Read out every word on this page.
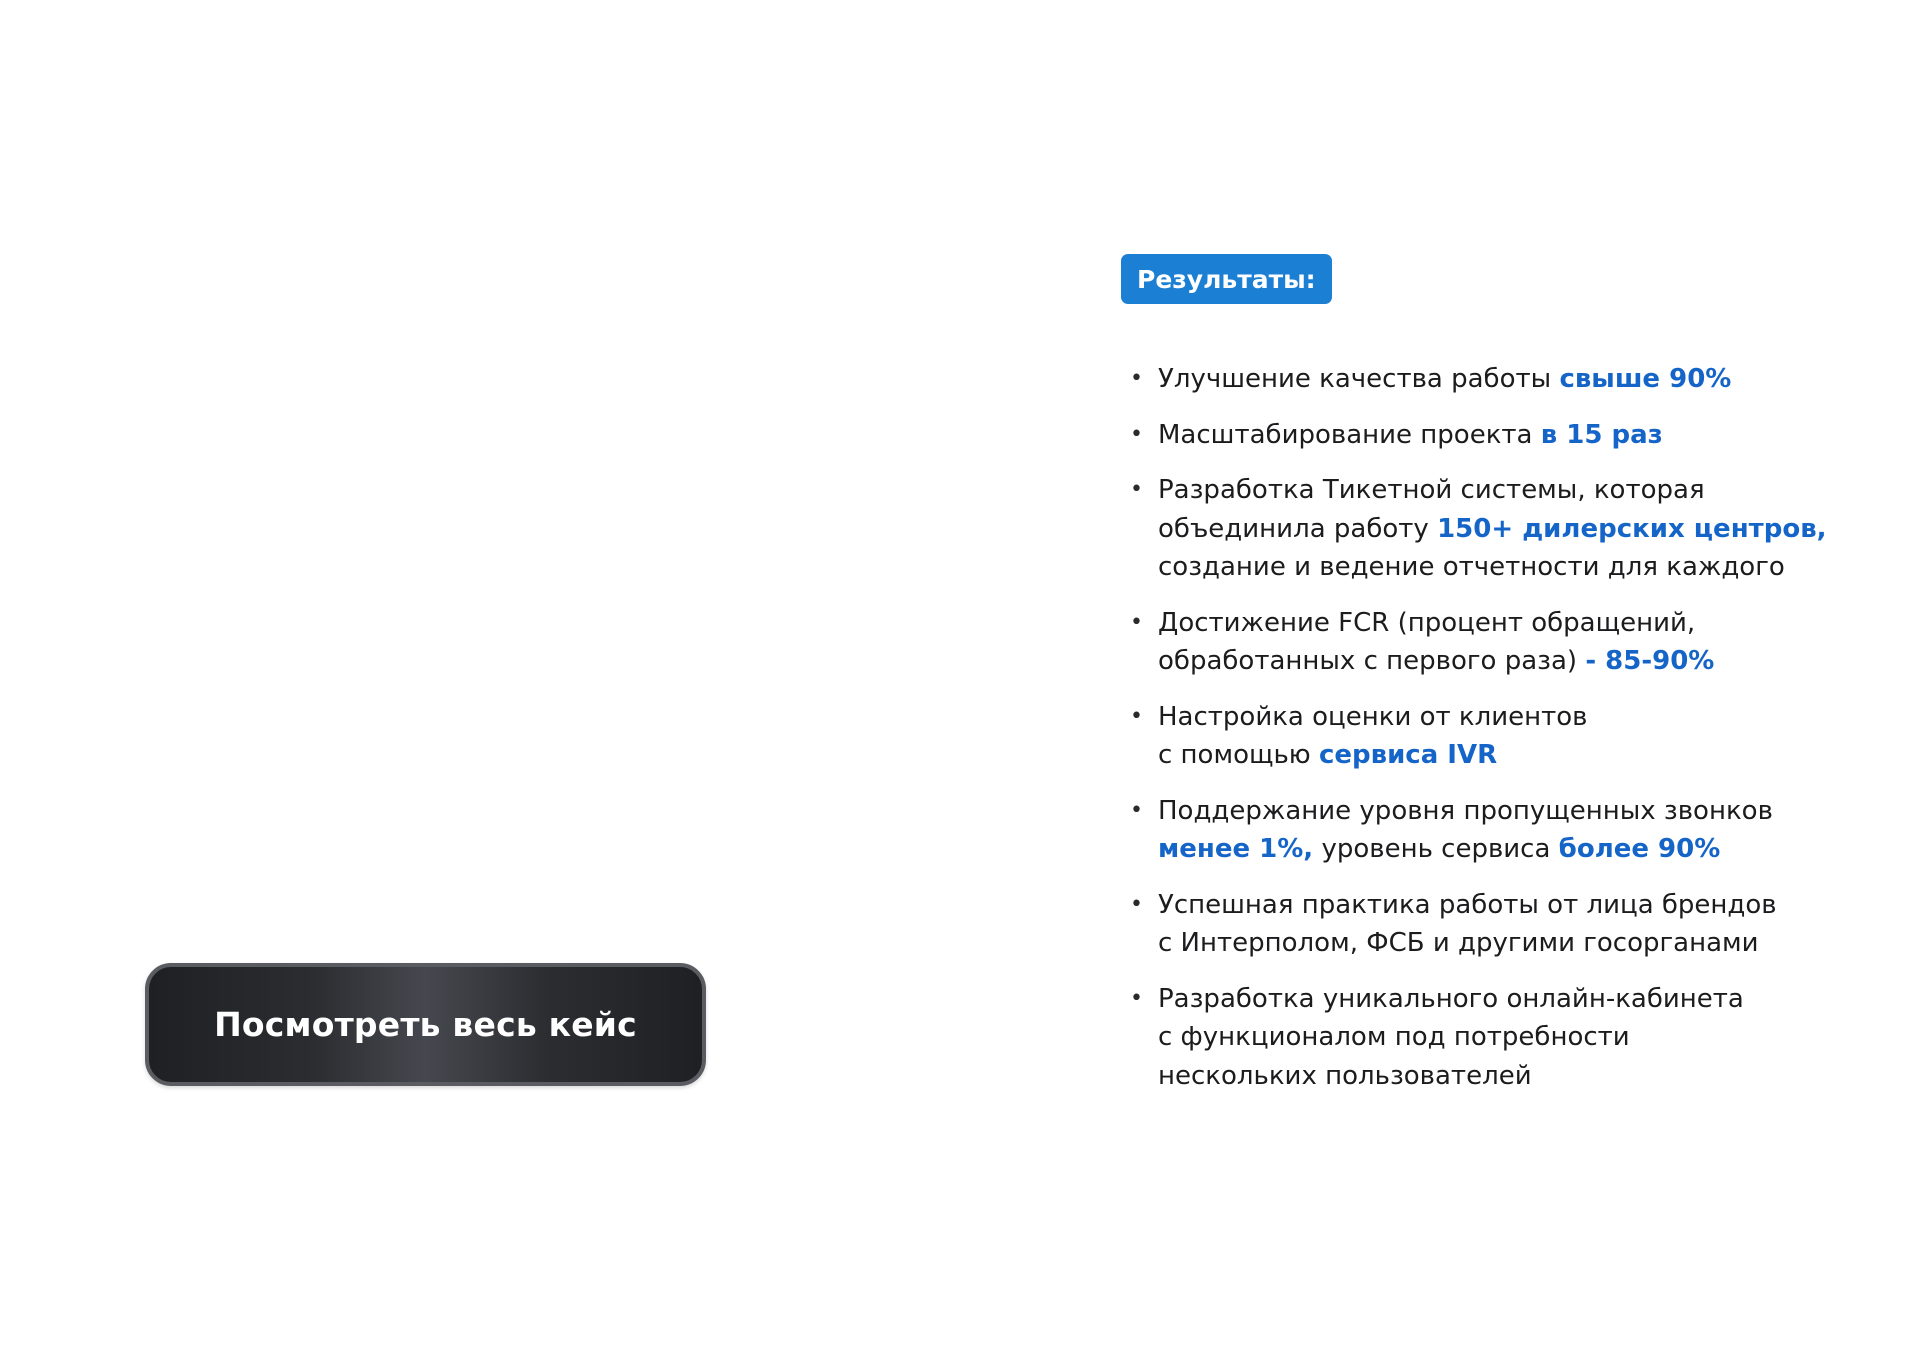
Посмотреть весь кейс
Результаты:
• Улучшение качества работы свыше 90%
• Масштабирование проекта в 15 раз
• Разработка Тикетной системы, которая
объединила работу 150+ дилерских центров,
создание и ведение отчетности для каждого
• Достижение FCR (процент обращений,
обработанных с первого раза) - 85-90%
• Настройка оценки от клиентов
с помощью сервиса IVR
• Поддержание уровня пропущенных звонков
менее 1%, уровень сервиса более 90%
• Успешная практика работы от лица брендов
с Интерполом, ФСБ и другими госорганами
• Разработка уникального онлайн-кабинета
с функционалом под потребности
нескольких пользователей
